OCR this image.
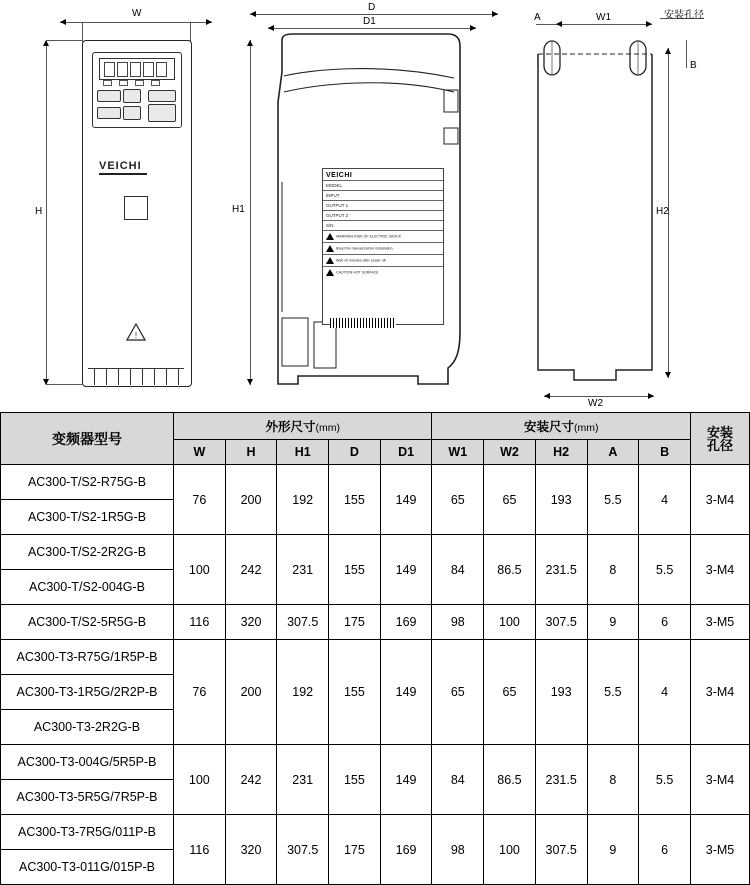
W
H
VEICHI
!
D
D1
H1
VEICHI
MODEL
INPUT
OUTPUT 1
OUTPUT 2
S/N
WARNING RISK OF ELECTRIC SHOCK
Read the manual before installation.
Wait 10 minutes after power off.
CAUTION HOT SURFACE
A	W1	安装孔径
B
H2
W2
变频器型号	外形尺寸(mm)					安装尺寸(mm)					安装
孔径

	W	H	H1	D	D1	W1	W2	H2	A	B	
AC300-T/S2-R75G-B	76	200	192	155	149	65	65	193	5.5	4	3-M4
AC300-T/S2-1R5G-B											
AC300-T/S2-2R2G-B	100	242	231	155	149	84	86.5	231.5	8	5.5	3-M4
AC300-T/S2-004G-B											
AC300-T/S2-5R5G-B	116	320	307.5	175	169	98	100	307.5	9	6	3-M5
AC300-T3-R75G/1R5P-B	76	200	192	155	149	65	65	193	5.5	4	3-M4
AC300-T3-1R5G/2R2P-B											
AC300-T3-2R2G-B											
AC300-T3-004G/5R5P-B	100	242	231	155	149	84	86.5	231.5	8	5.5	3-M4
AC300-T3-5R5G/7R5P-B											
AC300-T3-7R5G/011P-B	116	320	307.5	175	169	98	100	307.5	9	6	3-M5
AC300-T3-011G/015P-B											
